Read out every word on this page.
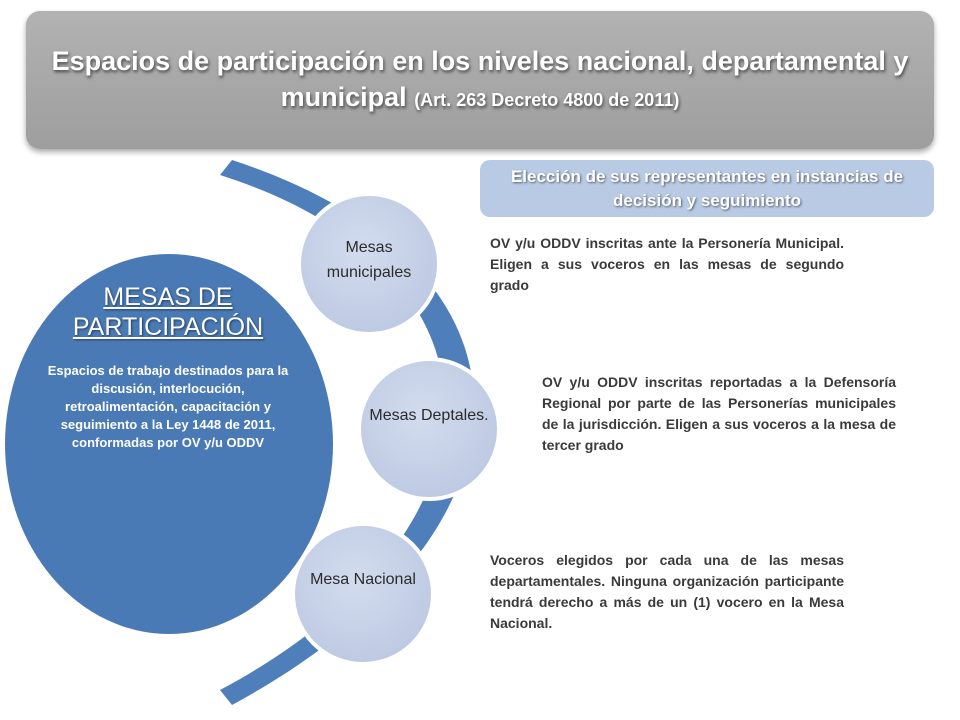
Espacios de participación en los niveles nacional, departamental y municipal (Art. 263 Decreto 4800 de 2011)
Elección de sus representantes en instancias de decisión y seguimiento
MESAS DE PARTICIPACIÓN
Espacios de trabajo destinados para la discusión, interlocución, retroalimentación, capacitación y seguimiento a la Ley 1448 de 2011, conformadas por OV y/u ODDV
Mesas municipales
Mesas Deptales.
Mesa Nacional
OV y/u ODDV inscritas ante la Personería Municipal. Eligen a sus voceros en las mesas de segundo grado
OV y/u ODDV inscritas reportadas a la Defensoría Regional por parte de las Personerías municipales de la jurisdicción. Eligen a sus voceros a la mesa de tercer grado
Voceros elegidos por cada una de las mesas departamentales. Ninguna organización participante tendrá derecho a más de un (1) vocero en la Mesa Nacional.
